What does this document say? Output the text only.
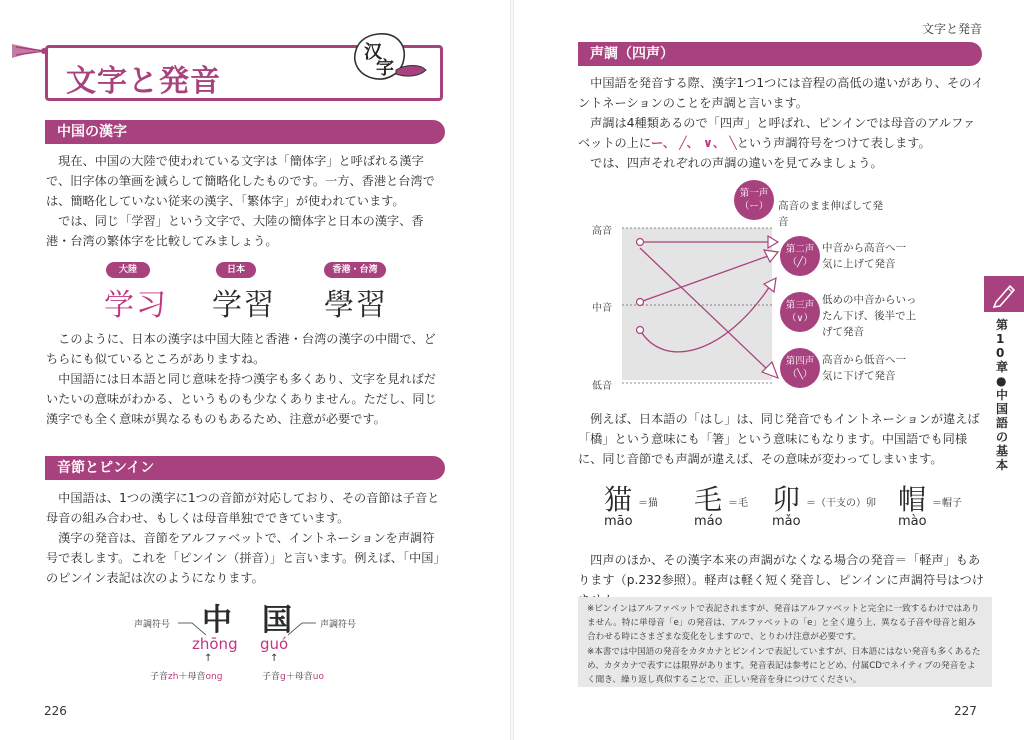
文字と発音
汉
字
中国の漢字
　現在、中国の大陸で使われている文字は「簡体字」と呼ばれる漢字で、旧字体の筆画を減らして簡略化したものです。一方、香港と台湾では、簡略化していない従来の漢字、「繁体字」が使われています。
　では、同じ「学習」という文字で、大陸の簡体字と日本の漢字、香港・台湾の繁体字を比較してみましょう。
大陸
学习
日本
学習
香港・台湾
學習
　このように、日本の漢字は中国大陸と香港・台湾の漢字の中間で、どちらにも似ているところがありますね。
　中国語には日本語と同じ意味を持つ漢字も多くあり、文字を見ればだいたいの意味がわかる、というものも少なくありません。ただし、同じ漢字でも全く意味が異なるものもあるため、注意が必要です。
音節とピンイン
　中国語は、1つの漢字に1つの音節が対応しており、その音節は子音と母音の組み合わせ、もしくは母音単独でできています。
　漢字の発音は、音節をアルファベットで、イントネーションを声調符号で表します。これを「ピンイン（拼音）」と言います。例えば、「中国」のピンイン表記は次のようになります。
声調符号 中 国	声調符号
zhōng guó
↑	↑
子音zh＋母音ong	子音g＋母音uo
226
文字と発音
声調（四声）
　中国語を発音する際、漢字1つ1つには音程の高低の違いがあり、そのイントネーションのことを声調と言います。
　声調は4種類あるので「四声」と呼ばれ、ピンインでは母音のアルファベットの上にー、 ╱、 ∨、 ╲という声調符号をつけて表します。
　では、四声それぞれの声調の違いを見てみましょう。
高音
中音
低音
第一声
（ー） 高音のまま伸ばして発音
第二声
（╱）
中音から高音へ一気に上げて発音
第三声
（∨）
低めの中音からいったん下げ、後半で上げて発音
第四声
（╲）
高音から低音へ一気に下げて発音
　例えば、日本語の「はし」は、同じ発音でもイントネーションが違えば「橋」という意味にも「箸」という意味にもなります。中国語でも同様に、同じ音節でも声調が違えば、その意味が変わってしまいます。
猫 ＝猫
māo
毛 ＝毛
máo
卯 ＝（干支の）卯
mǎo
帽 ＝帽子
mào
　四声のほか、その漢字本来の声調がなくなる場合の発音＝「軽声」もあります（p.232参照）。軽声は軽く短く発音し、ピンインに声調符号はつけ
※ピンインはアルファベットで表記されますが、発音はアルファベットと完全に一致するわけではありません。特に単母音「e」の発音は、アルファベットの「e」と全く違う上、異なる子音や母音と組み合わせる時にさまざまな変化をしますので、とりわけ注意が必要です。
※本書では中国語の発音をカタカナとピンインで表記していますが、日本語にはない発音も多くあるため、カタカナで表すには限界があります。発音表記は参考にとどめ、付属CDでネイティブの発音をよく聞き、繰り返し真似することで、正しい発音を身につけてください。
第10章●中国語の基本
227
